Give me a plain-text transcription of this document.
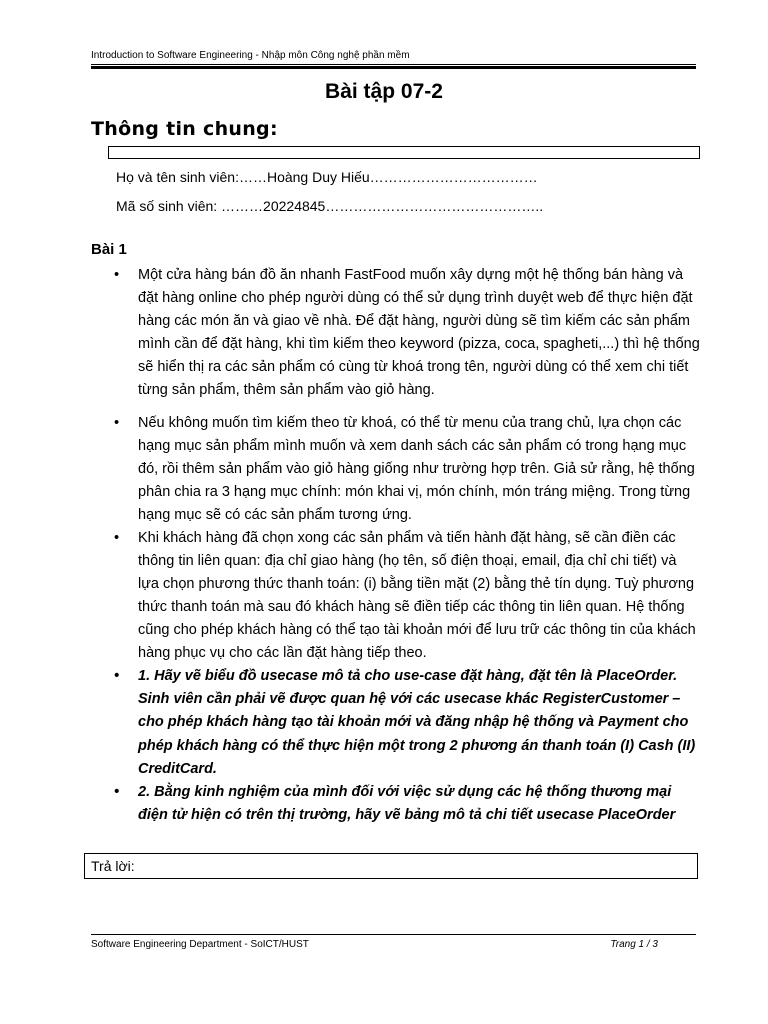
Introduction to Software Engineering - Nhập môn Công nghệ phần mềm
Bài tập 07-2
Thông tin chung:
Họ và tên sinh viên:……Hoàng Duy Hiếu………………………………
Mã số sinh viên: ………20224845………………………………………..
Bài 1
• Một cửa hàng bán đồ ăn nhanh FastFood muốn xây dựng một hệ thống bán hàng và đặt hàng online cho phép người dùng có thể sử dụng trình duyệt web để thực hiện đặt hàng các món ăn và giao về nhà. Để đặt hàng, người dùng sẽ tìm kiếm các sản phẩm mình cần để đặt hàng, khi tìm kiếm theo keyword (pizza, coca, spagheti,...) thì hệ thống sẽ hiển thị ra các sản phẩm có cùng từ khoá trong tên, người dùng có thể xem chi tiết từng sản phẩm, thêm sản phẩm vào giỏ hàng.
• Nếu không muốn tìm kiếm theo từ khoá, có thể từ menu của trang chủ, lựa chọn các hạng mục sản phẩm mình muốn và xem danh sách các sản phẩm có trong hạng mục đó, rồi thêm sản phẩm vào giỏ hàng giống như trường hợp trên. Giả sử rằng, hệ thống phân chia ra 3 hạng mục chính: món khai vị, món chính, món tráng miệng. Trong từng hạng mục sẽ có các sản phẩm tương ứng.
• Khi khách hàng đã chọn xong các sản phẩm và tiến hành đặt hàng, sẽ cần điền các thông tin liên quan: địa chỉ giao hàng (họ tên, số điện thoại, email, địa chỉ chi tiết) và lựa chọn phương thức thanh toán: (i) bằng tiền mặt (2) bằng thẻ tín dụng. Tuỳ phương thức thanh toán mà sau đó khách hàng sẽ điền tiếp các thông tin liên quan. Hệ thống cũng cho phép khách hàng có thể tạo tài khoản mới để lưu trữ các thông tin của khách hàng phục vụ cho các lần đặt hàng tiếp theo.
• 1. Hãy vẽ biểu đồ usecase mô tả cho use-case đặt hàng, đặt tên là PlaceOrder. Sinh viên cần phải vẽ được quan hệ với các usecase khác RegisterCustomer – cho phép khách hàng tạo tài khoản mới và đăng nhập hệ thống và Payment cho phép khách hàng có thể thực hiện một trong 2 phương án thanh toán (I) Cash (II) CreditCard.
• 2. Bằng kinh nghiệm của mình đối với việc sử dụng các hệ thống thương mại điện tử hiện có trên thị trường, hãy vẽ bảng mô tả chi tiết usecase PlaceOrder
Trả lời:
Software Engineering Department - SoICT/HUST	Trang 1 / 3
